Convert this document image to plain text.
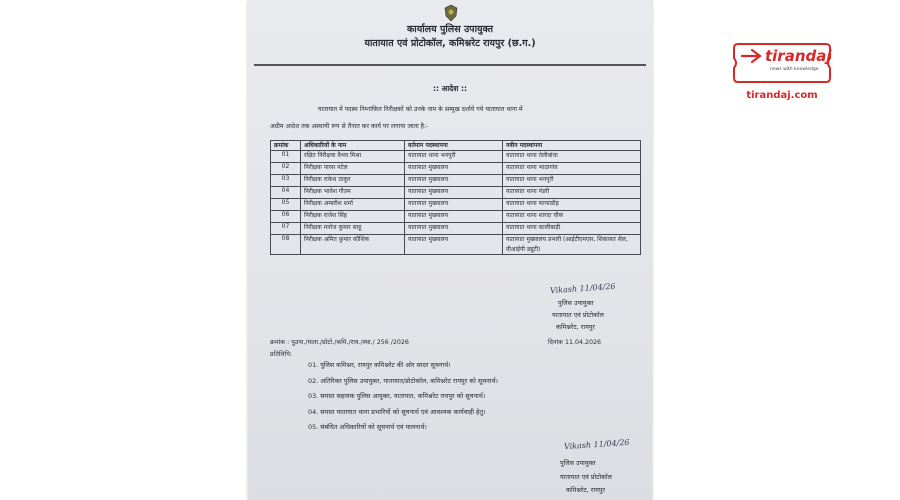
कार्यालय पुलिस उपायुक्त
यातायात एवं प्रोटोकॉल, कमिश्नरेट रायपुर (छ.ग.)
:: आदेश ::
यातायात में पदस्थ निम्नांकित निरीक्षकों को उनके नाम के सम्मुख दर्शाये गये यातायात थाना में
अग्रीम आदेश तक अस्थायी रूप से तैनात कर कार्य पर लगाया जाता है:-
क्रमांक	अधिकारियों के नाम	वर्तमान पदस्थापना	नवीन पदस्थापना
01	रक्षित निरीक्षक वैभव मिश्रा	यातायात थाना भनपुरी	यातायात थाना तेलीबांधा
02	निरीक्षक पारस पटेल	यातायात मुख्यालय	यातायात थाना भाठागांव
03	निरीक्षक राकेश ठाकुर	यातायात मुख्यालय	यातायात थाना भनपुरी
04	निरीक्षक भावेश गौतम	यातायात मुख्यालय	यातायात थाना पंडरी
05	निरीक्षक अम्बरीश शर्मा	यातायात मुख्यालय	यातायात थाना फाफाडीह
06	निरीक्षक राजेश सिंह	यातायात मुख्यालय	यातायात थाना शारदा चौक
07	निरीक्षक मनोज कुमार साहू	यातायात मुख्यालय	यातायात थाना कालीबाड़ी
08	निरीक्षक अमित कुमार कौशिक	यातायात मुख्यालय	यातायात मुख्यालय प्रभारी (आईटीएमएस, शिकायत सेल, वीआईपी ड्यूटी)
Vikash 11/04/26
पुलिस उपायुक्त
यातायात एवं प्रोटोकॉल
कमिश्नरेट, रायपुर
क्रमांक : पुउपा./याता./प्रोटो./कमि./राय./स्था./ 256 /2026	दिनांक 11.04.2026
प्रतिलिपि:
01. पुलिस कमिश्नर, रायपुर कमिश्नरेट की ओर सादर सूचनार्थ।
02. अतिरिक्त पुलिस उपायुक्त, यातायात/प्रोटोकॉल, कमिश्नरेट रायपुर को सूचनार्थ।
03. समस्त सहायक पुलिस आयुक्त, यातायात, कमिश्नरेट रायपुर को सूचनार्थ।
04. समस्त यातायात थाना प्रभारियों को सूचनार्थ एवं आवश्यक कार्यवाही हेतु।
05. संबंधित अधिकारियों को सूचनार्थ एवं पालनार्थ।
Vikash 11/04/26
पुलिस उपायुक्त
यातायात एवं प्रोटोकॉल
कमिश्नरेट, रायपुर
tirandaj
news with knowledge
tirandaj.com
